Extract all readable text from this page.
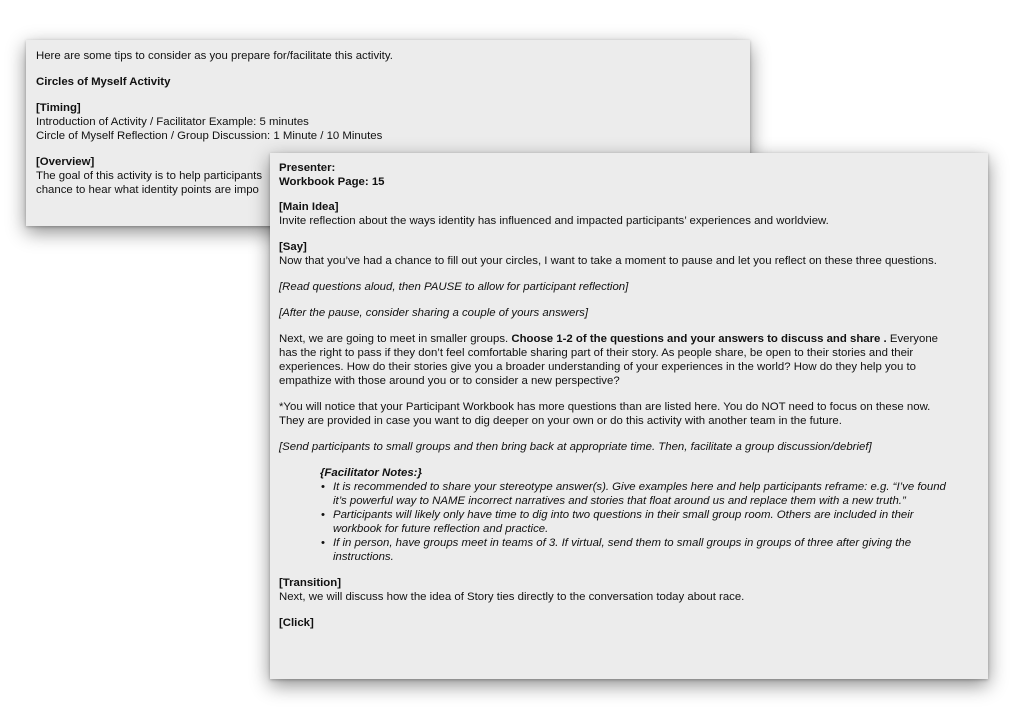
Here are some tips to consider as you prepare for/facilitate this activity.
Circles of Myself Activity
[Timing]
Introduction of Activity / Facilitator Example: 5 minutes
Circle of Myself Reflection / Group Discussion: 1 Minute / 10 Minutes
[Overview]
The goal of this activity is to help participants
chance to hear what identity points are impo
Presenter:
Workbook Page: 15
[Main Idea]
Invite reflection about the ways identity has influenced and impacted participants’ experiences and worldview.
[Say]
Now that you’ve had a chance to fill out your circles, I want to take a moment to pause and let you reflect on these three questions.
[Read questions aloud, then PAUSE to allow for participant reflection]
[After the pause, consider sharing a couple of yours answers]
Next, we are going to meet in smaller groups. Choose 1-2 of the questions and your answers to discuss and share . Everyone
has the right to pass if they don’t feel comfortable sharing part of their story. As people share, be open to their stories and their
experiences. How do their stories give you a broader understanding of your experiences in the world? How do they help you to
empathize with those around you or to consider a new perspective?
*You will notice that your Participant Workbook has more questions than are listed here. You do NOT need to focus on these now.
They are provided in case you want to dig deeper on your own or do this activity with another team in the future.
[Send participants to small groups and then bring back at appropriate time. Then, facilitate a group discussion/debrief]
{Facilitator Notes:}
• It is recommended to share your stereotype answer(s). Give examples here and help participants reframe: e.g. “I’ve found
it’s powerful way to NAME incorrect narratives and stories that float around us and replace them with a new truth.”
• Participants will likely only have time to dig into two questions in their small group room. Others are included in their
workbook for future reflection and practice.
• If in person, have groups meet in teams of 3. If virtual, send them to small groups in groups of three after giving the
instructions.
[Transition]
Next, we will discuss how the idea of Story ties directly to the conversation today about race.
[Click]
